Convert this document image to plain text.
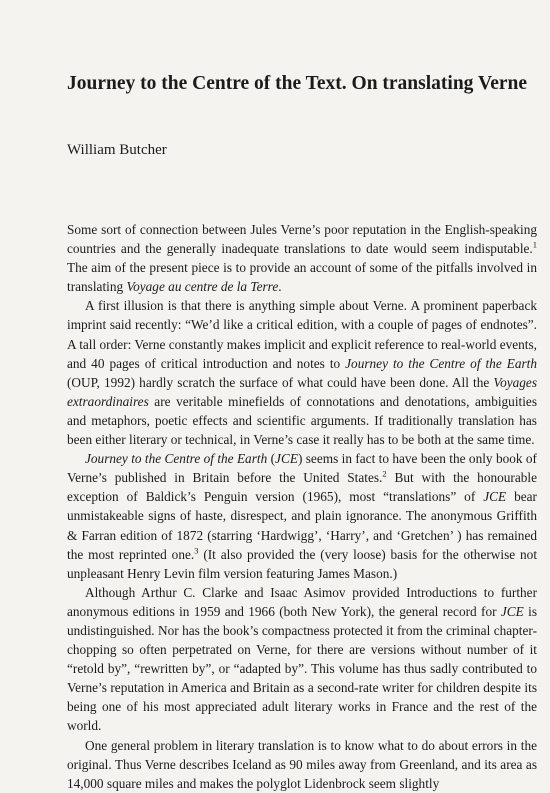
Journey to the Centre of the Text. On translating Verne
William Butcher

Some sort of connection between Jules Verne’s poor reputation in the English-speaking countries and the generally inadequate translations to date would seem indisputable.$^1$ The aim of the present piece is to provide an account of some of the pitfalls involved in translating Voyage au centre de la Terre.

A first illusion is that there is anything simple about Verne. A prominent paperback imprint said recently: “We’d like a critical edition, with a couple of pages of endnotes”. A tall order: Verne constantly makes implicit and explicit reference to real-world events, and 40 pages of critical introduction and notes to Journey to the Centre of the Earth (OUP, 1992) hardly scratch the surface of what could have been done. All the Voyages extraordinaires are veritable minefields of connotations and denotations, ambiguities and metaphors, poetic effects and scientific arguments. If traditionally translation has been either literary or technical, in Verne’s case it really has to be both at the same time.

Journey to the Centre of the Earth (JCE) seems in fact to have been the only book of Verne’s published in Britain before the United States.$^2$ But with the honourable exception of Baldick’s Penguin version (1965), most “translations” of JCE bear unmistakeable signs of haste, disrespect, and plain ignorance. The anonymous Griffith & Farran edition of 1872 (starring ‘Hardwigg’, ‘Harry’, and ‘Gretchen’ ) has remained the most reprinted one.$^3$ (It also provided the (very loose) basis for the otherwise not unpleasant Henry Levin film version featuring James Mason.)

Although Arthur C. Clarke and Isaac Asimov provided Introductions to further anonymous editions in 1959 and 1966 (both New York), the general record for JCE is undistinguished. Nor has the book’s compactness protected it from the criminal chapter-chopping so often perpetrated on Verne, for there are versions without number of it “retold by”, “rewritten by”, or “adapted by”. This volume has thus sadly contributed to Verne’s reputation in America and Britain as a second-rate writer for children despite its being one of his most appreciated adult literary works in France and the rest of the world.

One general problem in literary translation is to know what to do about errors in the original. Thus Verne describes Iceland as 90 miles away from Greenland, and its area as 14,000 square miles and makes the polyglot Lidenbrock seem slightly
